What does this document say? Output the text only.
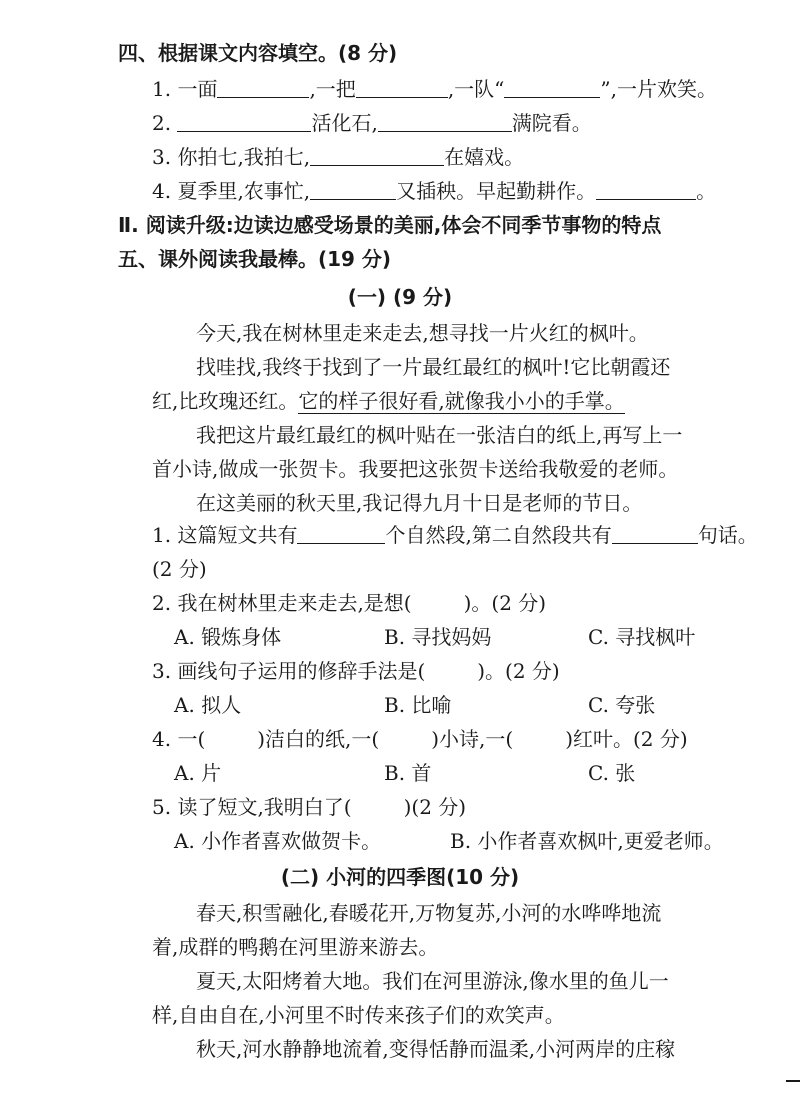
四、根据课文内容填空。(8 分)
1. 一面	,一把	,一队“	”,一片欢笑。
2.	活化石,	满院看。
3. 你拍七,我拍七,	在嬉戏。
4. 夏季里,农事忙,	又插秧。早起勤耕作。	。
Ⅱ. 阅读升级:边读边感受场景的美丽,体会不同季节事物的特点
五、课外阅读我最棒。(19 分)
(一) (9 分)
今天,我在树林里走来走去,想寻找一片火红的枫叶。
找哇找,我终于找到了一片最红最红的枫叶!它比朝霞还
红,比玫瑰还红。它的样子很好看,就像我小小的手掌。
我把这片最红最红的枫叶贴在一张洁白的纸上,再写上一
首小诗,做成一张贺卡。我要把这张贺卡送给我敬爱的老师。
在这美丽的秋天里,我记得九月十日是老师的节日。
1. 这篇短文共有	个自然段,第二自然段共有	句话。
(2 分)
2. 我在树林里走来走去,是想(	)。(2 分)
A. 锻炼身体	B. 寻找妈妈	C. 寻找枫叶
3. 画线句子运用的修辞手法是(	)。(2 分)
A. 拟人	B. 比喻	C. 夸张
4. 一(	)洁白的纸,一(	)小诗,一(	)红叶。(2 分)
A. 片	B. 首	C. 张
5. 读了短文,我明白了(	)(2 分)
A. 小作者喜欢做贺卡。	B. 小作者喜欢枫叶,更爱老师。
(二) 小河的四季图(10 分)
春天,积雪融化,春暖花开,万物复苏,小河的水哗哗地流
着,成群的鸭鹅在河里游来游去。
夏天,太阳烤着大地。我们在河里游泳,像水里的鱼儿一
样,自由自在,小河里不时传来孩子们的欢笑声。
秋天,河水静静地流着,变得恬静而温柔,小河两岸的庄稼
